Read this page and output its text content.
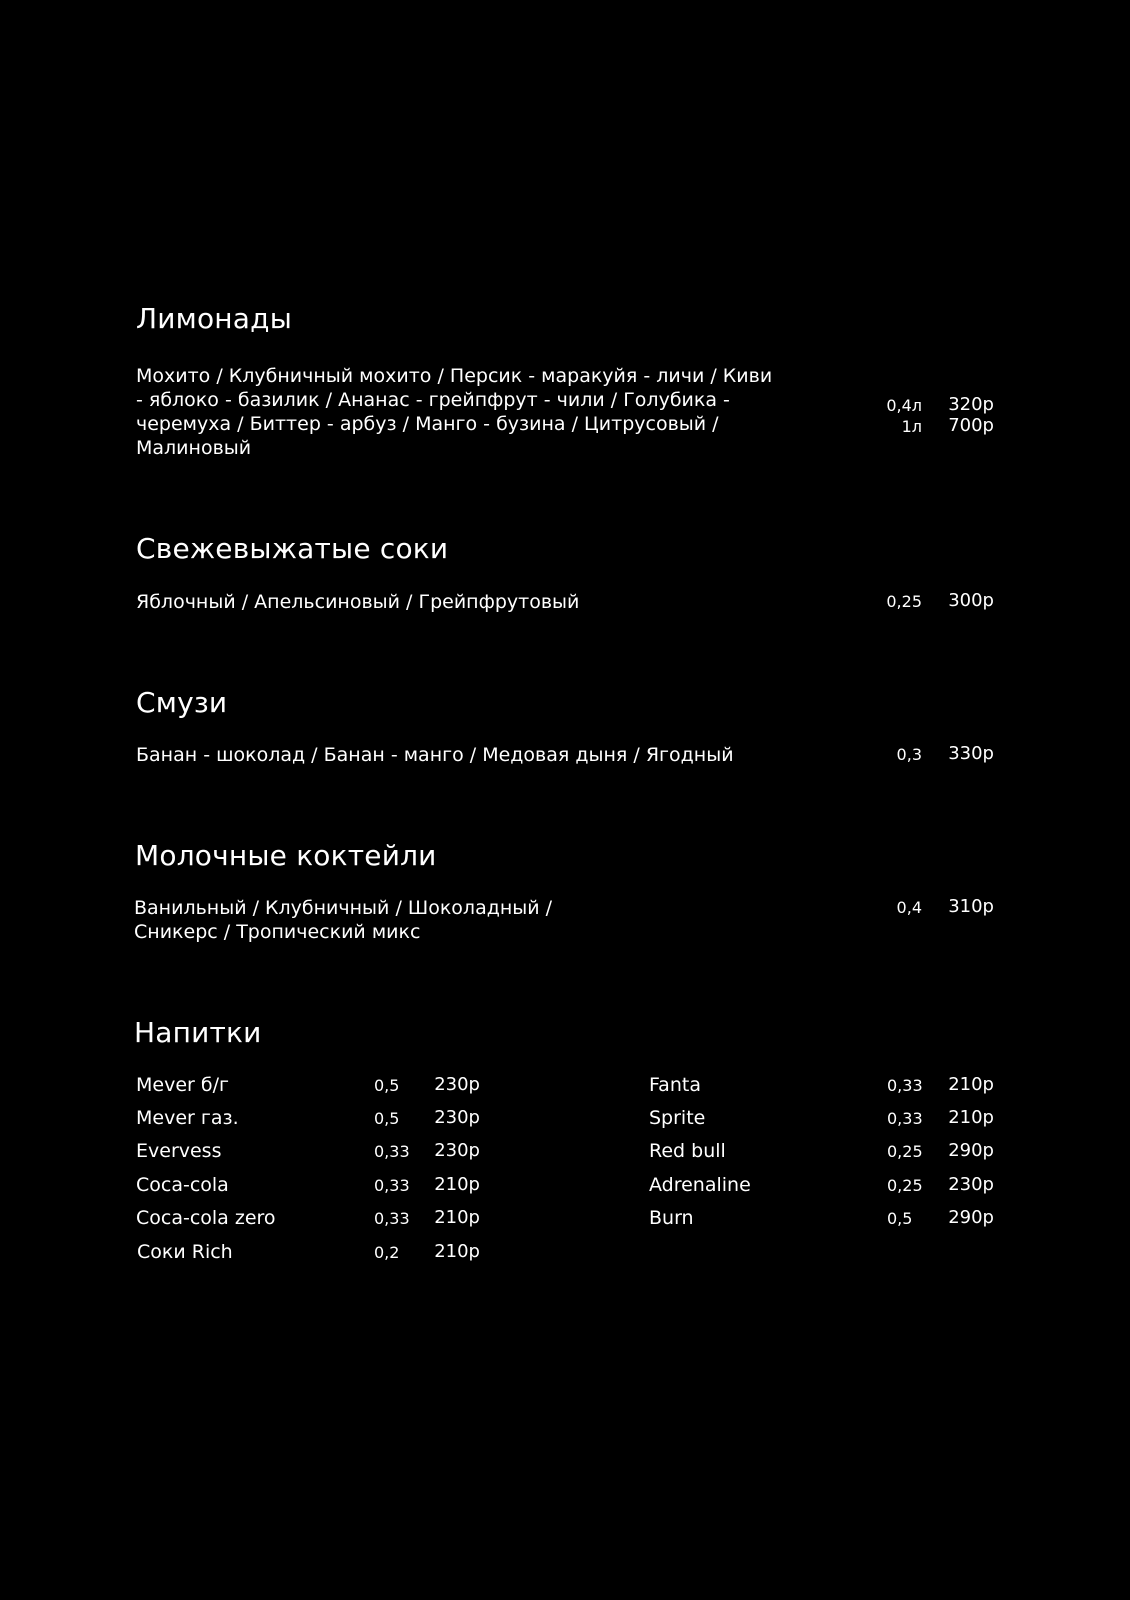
Лимонады
Мохито / Клубничный мохито / Персик - маракуйя - личи / Киви - яблоко - базилик / Ананас - грейпфрут - чили / Голубика - черемуха / Биттер - арбуз / Манго - бузина / Цитрусовый / Малиновый
0,4л	320р
1л	700р
Свежевыжатые соки
Яблочный / Апельсиновый / Грейпфрутовый	0,25	300р
Смузи
Банан - шоколад / Банан - манго / Медовая дыня / Ягодный	0,3	330р
Молочные коктейли
Ванильный / Клубничный / Шоколадный / Сникерс / Тропический микс
0,4	310р
Напитки
Mever б/г	0,5	230р
Mever газ.	0,5	230р
Evervess	0,33	230р
Coca-cola	0,33	210р
Coca-cola zero	0,33	210р
Соки Rich	0,2	210р
Fanta	0,33	210р
Sprite	0,33	210р
Red bull	0,25	290р
Adrenaline	0,25	230р
Burn	0,5	290р
